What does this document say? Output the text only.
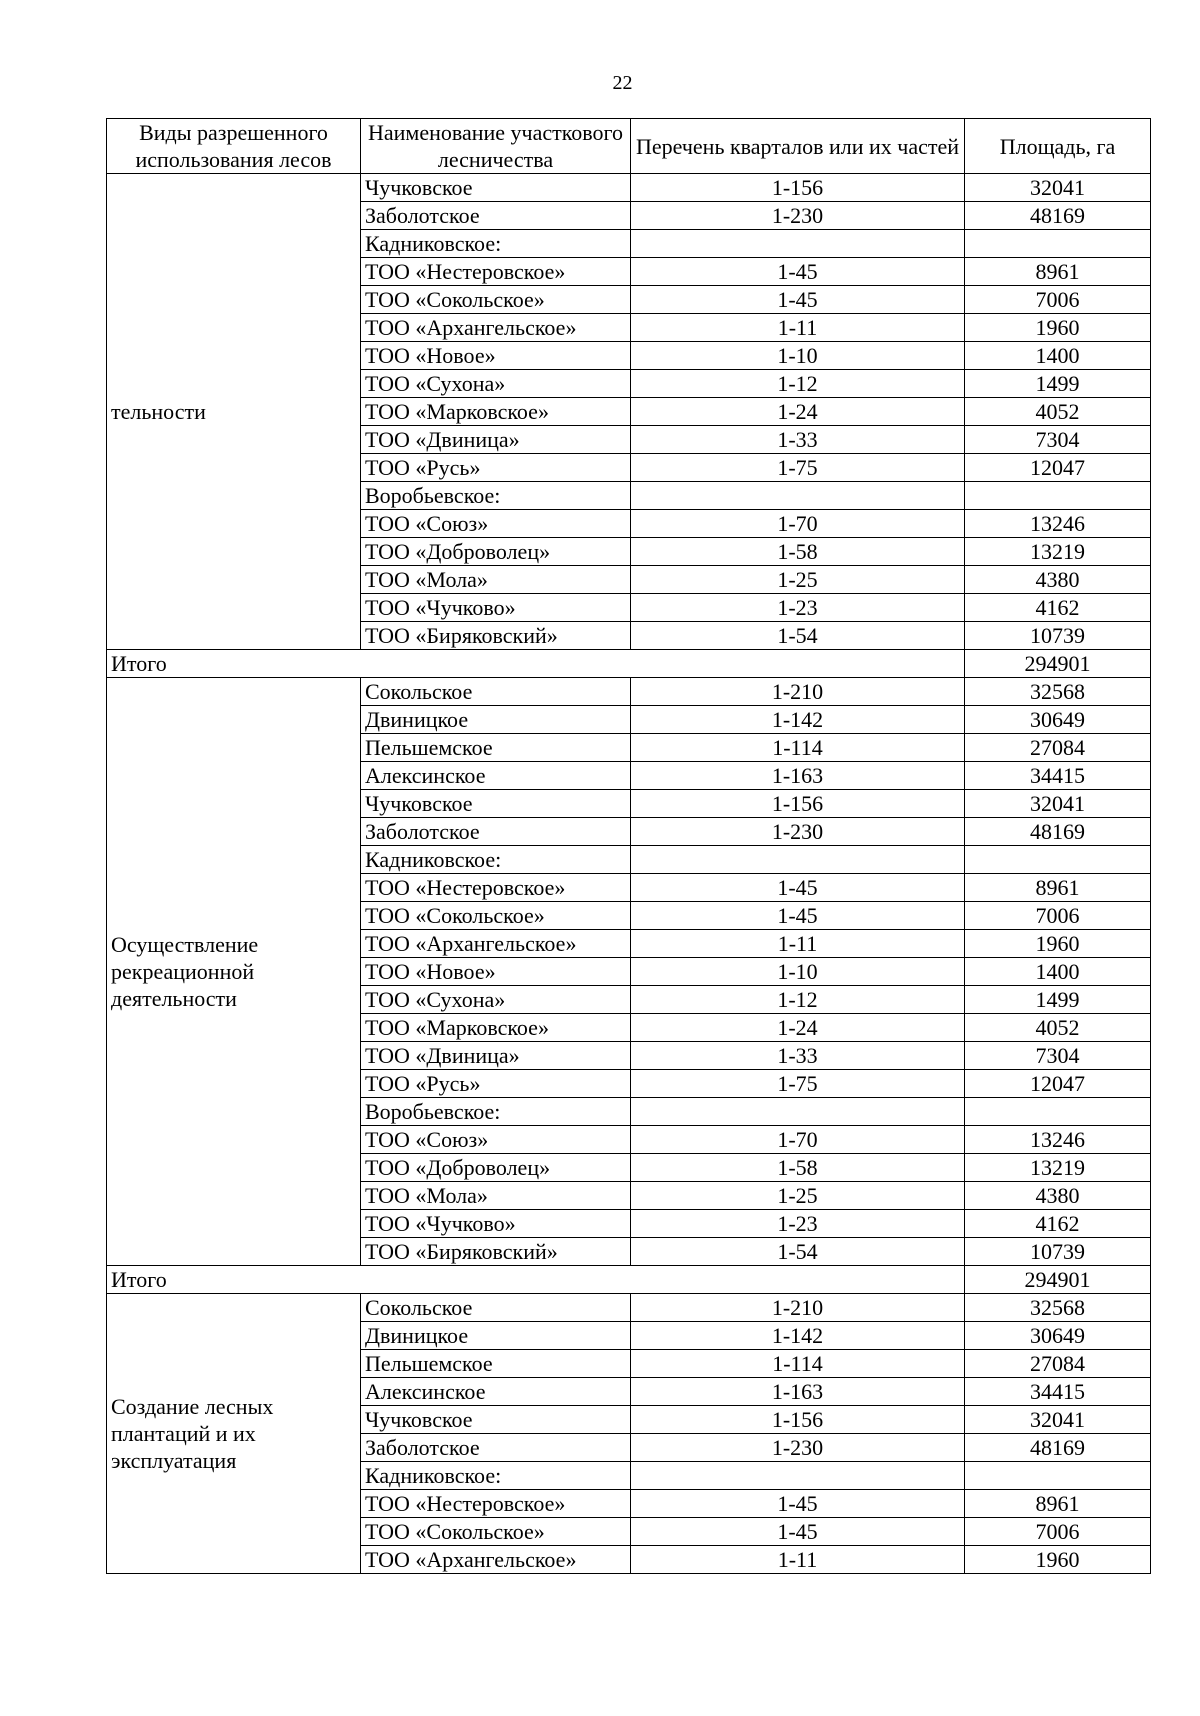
22
Виды разрешенного использования лесов	Наименование участкового лесничества	Перечень кварталов или их частей	Площадь, га
тельности	Чучковское	1-156	32041
	Заболотское	1-230	48169
	Кадниковское:		
	ТОО «Нестеровское»	1-45	8961
	ТОО «Сокольское»	1-45	7006
	ТОО «Архангельское»	1-11	1960
	ТОО «Новое»	1-10	1400
	ТОО «Сухона»	1-12	1499
	ТОО «Марковское»	1-24	4052
	ТОО «Двиница»	1-33	7304
	ТОО «Русь»	1-75	12047
	Воробьевское:		
	ТОО «Союз»	1-70	13246
	ТОО «Доброволец»	1-58	13219
	ТОО «Мола»	1-25	4380
	ТОО «Чучково»	1-23	4162
	ТОО «Биряковский»	1-54	10739
Итого			294901
Осуществление рекреационной деятельности	Сокольское	1-210	32568
	Двиницкое	1-142	30649
	Пельшемское	1-114	27084
	Алексинское	1-163	34415
	Чучковское	1-156	32041
	Заболотское	1-230	48169
	Кадниковское:		
	ТОО «Нестеровское»	1-45	8961
	ТОО «Сокольское»	1-45	7006
	ТОО «Архангельское»	1-11	1960
	ТОО «Новое»	1-10	1400
	ТОО «Сухона»	1-12	1499
	ТОО «Марковское»	1-24	4052
	ТОО «Двиница»	1-33	7304
	ТОО «Русь»	1-75	12047
	Воробьевское:		
	ТОО «Союз»	1-70	13246
	ТОО «Доброволец»	1-58	13219
	ТОО «Мола»	1-25	4380
	ТОО «Чучково»	1-23	4162
	ТОО «Биряковский»	1-54	10739
Итого			294901
Создание лесных плантаций и их эксплуатация	Сокольское	1-210	32568
	Двиницкое	1-142	30649
	Пельшемское	1-114	27084
	Алексинское	1-163	34415
	Чучковское	1-156	32041
	Заболотское	1-230	48169
	Кадниковское:		
	ТОО «Нестеровское»	1-45	8961
	ТОО «Сокольское»	1-45	7006
	ТОО «Архангельское»	1-11	1960
